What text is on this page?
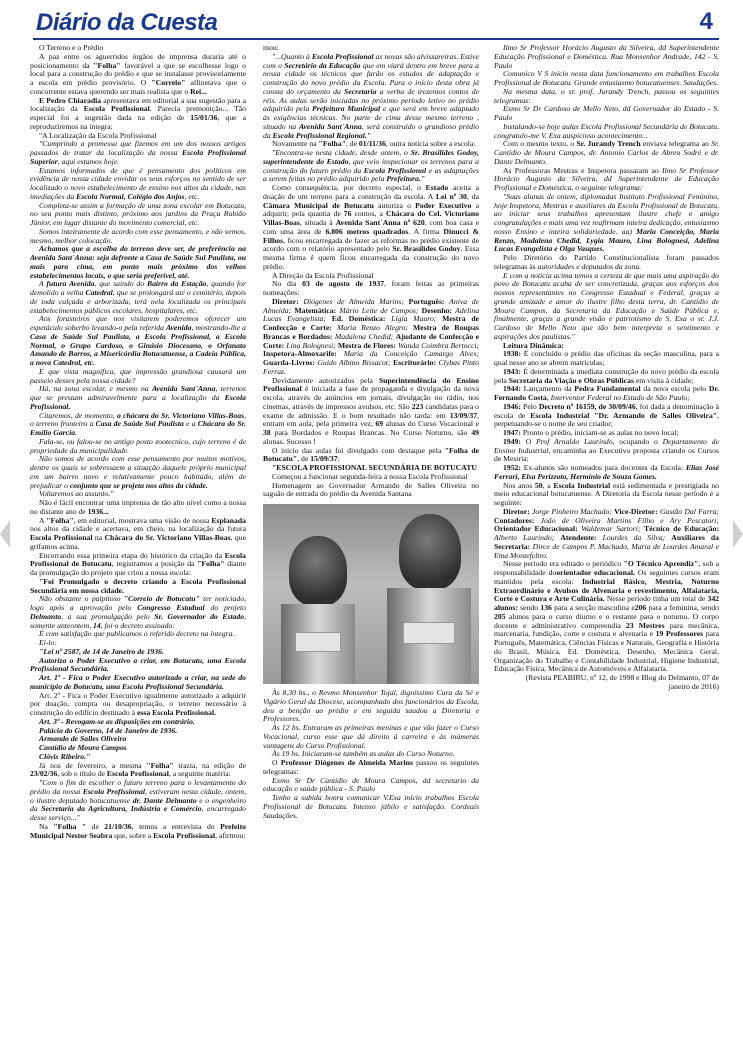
Diário da Cuesta	4

O Terreno e o Prédio

A paz entre os aguerridos órgãos de imprensa duraria até o posicionamento da "Folha" favorável a que se escolhesse logo o local para a construção do prédio e que se instalasse provisoriamente a escola em prédio provisório. O "Correio" alfinetava que o concorrente estava querendo ser mais realista que o Rei...

E Pedro Chiaradia apresentava em editorial a sua sugestão para a localização da Escola Profissional. Parecia premonição... Tão especial foi a sugestão dada na edição de 15/01/36, que a reproduziremos na íntegra:

"A Localização da Escola Profissional

"Cumprindo a promessa que fizemos em um dos nossos artigos passados de tratar da localização da nossa Escola Profissional Superior, aqui estamos hoje.

Estamos informados de que é pensamento dos políticos em evidência de nossa cidade envidar os seus esforços no sentido de ser localizado o novo estabelecimento de ensino nos altos da cidade, nas imediações da Escola Normal, Colégio dos Anjos, etc.

Completa-se assim a formação de uma zona escolar em Botucatu, no seu ponto mais distinto, próximo aos jardins da Praça Rubião Júnior, em lugar distante do movimento comercial, etc.

Somos inteiramente de acordo com esse pensamento, e não vemos, mesmo, melhor colocação.

Achamos que a escolha do terreno deve ser, de preferência na Avenida Sant´Anna: seja defronte a Casa de Saúde Sul Paulista, ou mais para cima, em ponto mais próximo dos velhos estabelecimentos locais, o que seria preferível, até.

A futura Avenida, que saindo do Bairro da Estação, quando for demolido a velha Catedral, que se prolongará até o cemitério, depois de toda calçada e arborizada, terá nela localizada os principais estabelecimentos públicos escolares, hospitalares, etc.

Aos forasteiros que nos visitarem poderemos oferecer um espetáculo soberbo levando-o pela referida Avenida, mostrando-lhe a Casa de Saúde Sul Paulista, a Escola Profissional, a Escola Normal, o Grupo Cardoso, o Ginásio Diocesano, o Orfanato Amando de Barros, a Misericórdia Botucatuense, a Cadeia Pública, a nova Catedral, etc.

E que vista magnífica, que impressão grandiosa causará um passeio desses pela nossa cidade?

Há, na zona escolar, e mesmo na Avenida Sant´Anna, terrenos que se prestam admiravelmente para a localização da Escola Profissional.

Citaremos, de momento, a chácara do Sr. Victoriano Villas-Boas, o terreno fronteiro a Casa de Saúde Sul Paulista e a Chácara do Sr. Emílio Garcia.

Fala-se, ou falou-se no antigo posto zootecnico, cujo terreno é de propriedade da municipalidade.

Não somos de acordo com esse pensamento por muitos motivos, dentre os quais se sobressaem a situação daquele próprio municipal em um bairro novo e relativamente pouco habitado, além de prejudicar o conjunto que se projeta nos altos da cidade.

Voltaremos ao assunto."

Não é fácil encontrar uma imprensa de tão alto nível como a nossa no distante ano de 1936...

A "Folha", em editorial, mostrava uma visão de nossa Esplanada nos altos da cidade e acertava, em cheio, na localização da futura Escola Profissional na Chácara do Sr. Victoriano Villas-Boas, que grifamos acima.

Encerrando essa primeira etapa do histórico da criação da Escola Profissional de Botucatu, registramos a posição da "Folha" diante da promulgação do projeto que criou a nossa escola:

"Foi Promulgado o decreto criando a Escola Profissional Secundária em nossa cidade.

Não obstante o palpitoso "Correio de Botucatu" ter noticiado, logo após a aprovação pelo Congresso Estadual do projeto Delmanto, a sua promulgação pelo Sr. Governador do Estado, somente anteontem, 14, foi o decreto assinado:

É com satisfação que publicamos o referido decreto na íntegra.

Ei-lo:

"Lei nº 2587, de 14 de Janeiro de 1936.

Autoriza o Poder Executivo a criar, em Botucatu, uma Escola Profissional Secundária.

Art. 1º - Fica o Poder Executivo autorizado a criar, na sede do município de Botucatu, uma Escola Profissional Secundária.

Art. 2º - Fica o Poder Executivo igualmente autorizado a adquirir por doação, compra ou desapropriação, o terreno necessário à construção do edifício destinado à essa Escola Profissional.

Art. 3º - Revogam-se as disposições em contrário.

Palácio do Governo, 14 de Janeiro de 1936.

Armando de Salles Oliveira

Cantídio de Moura Campos

Clóvis Ribeiro."

Já nos de fevereiro, a mesma "Folha" trazia, na edição de 23/02/36, sob o título de Escola Profissional, a seguinte matéria:

"Com o fim de escolher o futuro terreno para o levantamento do prédio da nossa Escola Profissional, estiveram nesta cidade, ontem, o ilustre deputado botucatuense dr. Dante Delmanto e o engenheiro da Secretaria da Agricultura, Indústria e Comércio, encarregado desse serviço..."

Na "Folha " de 21/10/36, temos a entrevista do Prefeito Municipal Nestor Seabra que, sobre a Escola Profissional, afirmou:

mou:

"...Quanto à Escola Profissional as novas são alvissareiras. Estive com o Secretário da Educação que em viará dentro em breve para a nossa cidade os técnicos que farão os estudos de adaptação e construção do novo prédio da Escola. Para o início desta obra já consta do orçamento da Secretaria a verba de trezentos contos de réis. As aulas serão iniciadas no próximo período letivo no prédio adquirido pela Prefeitura Municipal e que será em breve adaptado às exigências técnicas. No parte de cima desse mesmo terreno , situado na Avenida Sant´Anna, será construído o grandioso prédio da Escola Profissional Regional."

Novamente na "Folha", de 01/11/36, outra notícia sobre a escola:

"Encontra-se nesta cidade, desde ontem, o Sr. Brasilides Godoy, superintendente do Estado, que veio inspecionar os terrenos para a construção do futuro prédio da Escola Profissional e as adaptações a serem feitas no prédio adquirido pela Prefeitura."

Como consequência, por decreto especial, o Estado aceita a doação de um terreno para a construção da escola. A Lei nº 30, da Câmara Municipal de Botucatu autoriza o Poder Executivo a adquirir, pela quantia de 76 contos, a Chácara do Cel. Victoriano Villas-Boas, situada à Avenida Sant´Anna nº 620, com boa casa e com uma área de 6.806 metros quadrados. A firma Dinucci & Filhos, ficou encarregada de fazer as reformas no prédio existente de acordo com o relatório apresentado pelo Sr. Brasílides Godoy. Essa mesma firma é quem ficou encarregada da construção do novo prédio.

A Direção da Escola Profissional

No dia 03 de agosto de 1937, foram feitas as primeiras nomeações:

Diretor: Diógenes de Almeida Marins; Português: Aniva de Almeida; Matemática: Mário Leite de Campos; Desenho: Adelina Lucas Evangelista; Ed. Doméstica: Lígia Mauro; Mestra de Confecção e Corte: Maria Renzo Alegro; Mestra de Roupas Brancas e Bordados: Madalena Chedid; Ajudante de Confecção e Corte: Lina Bolognesi; Mestra de Flores: Wanda Coimbra Bertocci; Inspetora-Almoxarife: Maria da Conceição Camargo Alves; Guarda-Livros: Guido Albino Bissacot; Escriturário: Clybas Pinto Ferraz.

Devidamente autorizados pela Superintendência do Ensino Profissional é iniciada a fase de propaganda e divulgação da nova escola, através de anúncios em jornais, divulgação no rádio, nos cinemas, através de impressos avulsos, etc. São 223 candidatas para o exame de admissão. E o bom resultado não tarda: em 13/09/37, entram em aula, pela primeira vez, 69 alunas do Curso Vocacional e 38 para Bordados e Roupas Brancas. No Curso Noturno, são 49 alunas. Sucesso !

O início das aulas foi divulgado com destaque pela "Folha de Botucatu", de 15/09/37:

"ESCOLA PROFISSIONAL SECUNDÁRIA DE BOTUCATU

Começou a funcionar segunda-feira a nossa Escola Profissional

Homenagem ao Governador Armando de Salles Oliveira no saguão de entrada do prédio da Avenida Santana

Às 8,30 hs., o Revmo Monsenhor Tojal, digníssimo Cura da Sé e Vigário Geral da Diocese, acompanhado dos funcionários da Escola, deu a benção ao prédio e em seguida saudou a Diretoria e Professores.

Às 12 hs. Entraram as primeiras meninas e que vão fazer o Curso Vocacional, curso esse que dá direito à carreira e às inúmeras vantagens do Curso Profissional.

Às 19 hs. Iniciaram-se também as aulas do Curso Noturno.

O Professor Diógenes de Almeida Marins passou os seguintes telegramas:

Exmo Sr Dr Cantídio de Moura Campos, dd secretario da educação e saúde pública - S. Paulo

Tenho a subida honra comunicar V.Exa início trabalhos Escola Profissional de Botucatu. Intenso júbilo e satisfação. Cordeais Saudações.

Ilmo Sr Professor Horácio Augusto da Silveira, dd Superintendente Educação Profissional e Doméstica. Rua Monsenhor Andrade, 142 - S. Paulo

Comunico V S início nesta data funcionamento em trabalhos Escola Profissional de Botucatu. Grande entusiasmo botucatuenses. Saudações.

Na mesma data, o sr. prof. Jurandy Trench, passou os seguintes telegramas:

Exmo Sr Dr Cardoso de Mello Neto, dd Governador do Estado - S. Paulo

Instalando-se hoje aulas Escola Profissional Secundária de Botucatu, congratulo-me V. Exa auspicioso acontecimento...

Com o mesmo texto, o Sr. Jurandy Trench enviava telegrama ao Sr. Cantídio de Moura Campos, dr. Antonio Carlos de Abreu Sodré e dr. Dante Delmanto.

As Professoras Mestras e Inspetora passaram ao Ilmo Sr Professor Horácio Augusto da Silveira, dd Superintendente de Educação Profissional e Doméstica, o seguinte telegrama:

"Suas alunas de ontem, diplomadas Instituto Profissional Feminino, hoje Inspetora, Mestras e auxiliares da Escola Profissional de Botucatu, ao iniciar seus trabalhos apresentam ilustre chefe e amigo congratulações e mais uma vez reafirmam inteira dedicação, entusiasmo nosso Ensino e inteira solidariedade. aa) Maria Conceição, Maria Renzo, Madalena Chedid, Lygia Mauro, Lina Bolognesi, Adelina Lucas Evangelista e Olga Vasques.

Pelo Diretório do Partido Constitucionalista foram passados telegramas às autoridades e deputados da zona.

E com a notícia acima temos a certeza de que mais uma aspiração do povo de Botucatu acaba de ser concretizada, graças aos esforços dos nossos representantes no Congresso Estadual e Federal, graças a grande amizade e amor do ilustre filho desta terra, dr. Cantídio de Moura Campos, da Secretaria da Educação e Saúde Pública e, finalmente, graças a grande visão e patriotismo de S. Exa o sr. J.J. Cardoso de Mello Neto que tão bem interpreta o sentimento e aspirações dos paulistas."

Leitura Dinâmica:

1938: É concluído o prédio das oficinas da seção masculina, para a qual nesse ano se abrem matrículas;

1943: É determinada a imediata construção do novo prédio da escola pela Secretaria da Viação e Obras Públicas em visita à cidade;

1944: Lançamento da Pedra Fundamental da nova escola pelo Dr. Fernando Costa, Interventor Federal no Estado de São Paulo;

1946: Pelo Decreto nº 16159, de 30/09/46, foi dada a denominação à escola de Escola Industrial "Dr. Armando de Salles Oliveira", perpetuando-se o nome de seu criador;

1947: Pronto o prédio, iniciam-se as aulas no novo local;

1949: O Prof Arnaldo Laurindo, ocupando o Departamento de Ensino Industrial, encaminha ao Executivo proposta criando os Cursos de Mestria;

1952: Ex-alunos são nomeados para docentes da Escola: Elias José Ferrari, Elsa Perizzoto, Hermínio de Souza Gomes.

Nos anos 50, a Escola Industrial está sedimentada e prestigiada no meio educacional botucatuense. A Diretoria da Escola nesse período é a seguinte:

Diretor: Jorge Pinheiro Machado; Vice-Diretor: Gastão Dal Farra; Contadores: João de Oliveira Martins Filho e Ary Pescatori; Orientador Educacional: Waldemar Sartori; Técnico de Educação: Alberto Laurindo; Atendente: Lourdes da Silva; Auxiliares da Secretaria: Dirce de Campos P. Machado, Maria de Lourdes Amaral e Ema Montefeltro.

Nesse período era editado o periódico "O Técnico Aprendiz", sob a responsabilidade doorientador educacional. Os seguintes cursos eram mantidos pela escola: Industrial Básico, Mestria, Noturno Extraordinário e Avulsos de Alvenaria e revestimento, Alfaiataria, Corte e Costura e Arte Culinária. Nesse período tinha um total de 342 alunos: sendo 136 para a secção masculina e206 para a feminina, sendo 205 alunos para o curso diurno e o restante para o noturno. O corpo docente e administrativo compreendia 23 Mestres para mecânica, marcenaria, fundição, corte e costura e alvenaria e 19 Professores para Português, Matemática, Ciências Físicas e Naturais, Geografia e História do Brasil, Música, Ed. Doméstica, Desenho, Mecânica Geral, Organização do Trabalho e Contabilidade Industrial, Higiene Industrial, Educação Física, Mecânica de Automóveis e Alfaiataria.

(Revista PEABIRU, nº 12, de 1998 e Blog do Delmanto, 07 de janeiro de 2016)
